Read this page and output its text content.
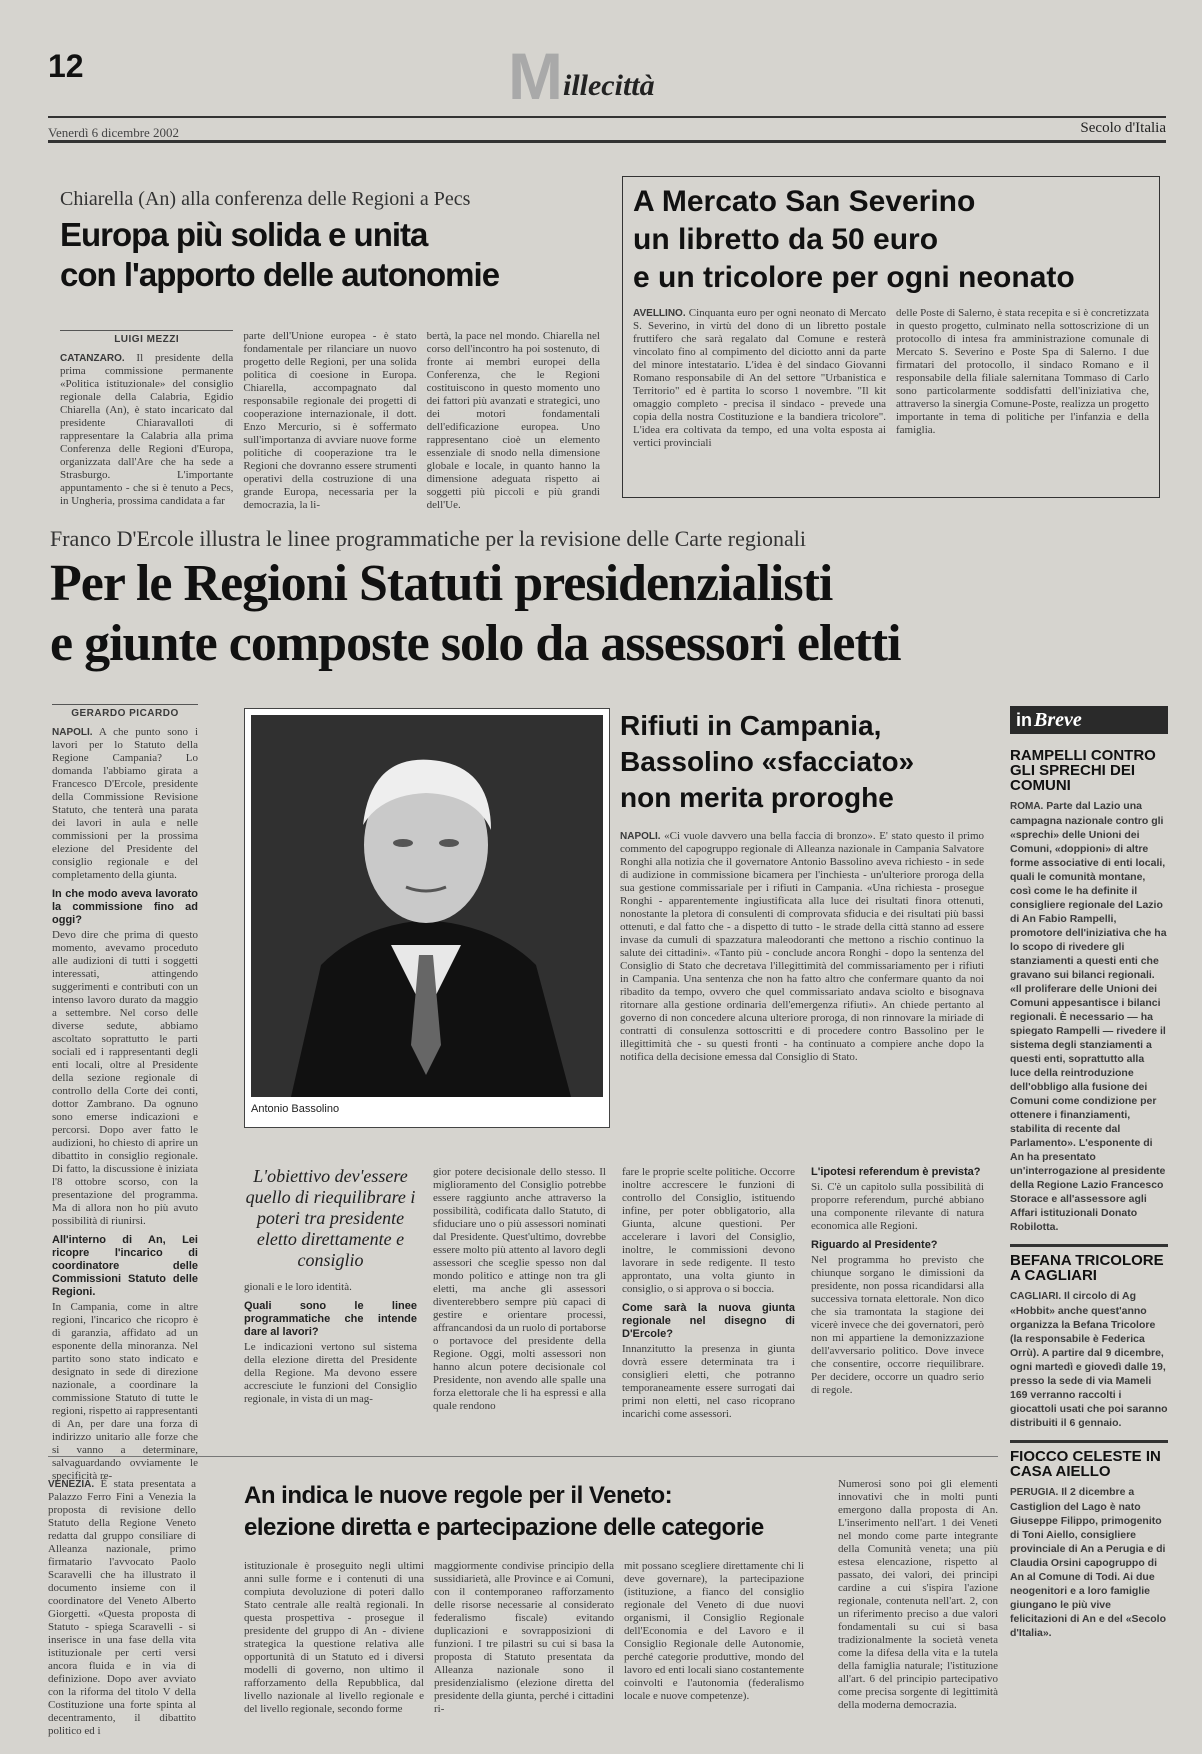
12	Millecittà
Venerdì 6 dicembre 2002	Secolo d'Italia
Chiarella (An) alla conferenza delle Regioni a Pecs
Europa più solida e unita
con l'apporto delle autonomie
LUIGI MEZZI
CATANZARO. Il presidente della prima commissione permanente «Politica istituzionale» del consiglio regionale della Calabria, Egidio Chiarella (An), è stato incaricato dal presidente Chiaravalloti di rappresentare la Calabria alla prima Conferenza delle Regioni d'Europa, organizzata dall'Are che ha sede a Strasburgo. L'importante appuntamento - che si è tenuto a Pecs, in Ungheria, prossima candidata a far
parte dell'Unione europea - è stato fondamentale per rilanciare un nuovo progetto delle Regioni, per una solida politica di coesione in Europa. Chiarella, accompagnato dal responsabile regionale dei progetti di cooperazione internazionale, il dott. Enzo Mercurio, si è soffermato sull'importanza di avviare nuove forme politiche di cooperazione tra le Regioni che dovranno essere strumenti operativi della costruzione di una grande Europa, necessaria per la democrazia, la li-
bertà, la pace nel mondo. Chiarella nel corso dell'incontro ha poi sostenuto, di fronte ai membri europei della Conferenza, che le Regioni costituiscono in questo momento uno dei fattori più avanzati e strategici, uno dei motori fondamentali dell'edificazione europea. Uno rappresentano cioè un elemento essenziale di snodo nella dimensione globale e locale, in quanto hanno la dimensione adeguata rispetto ai soggetti più piccoli e più grandi dell'Ue.
A Mercato San Severino
un libretto da 50 euro
e un tricolore per ogni neonato
AVELLINO. Cinquanta euro per ogni neonato di Mercato S. Severino, in virtù del dono di un libretto postale fruttifero che sarà regalato dal Comune e resterà vincolato fino al compimento del diciotto anni da parte del minore intestatario. L'idea è del sindaco Giovanni Romano responsabile di An del settore "Urbanistica e Territorio" ed è partita lo scorso 1 novembre. "Il kit omaggio completo - precisa il sindaco - prevede una copia della nostra Costituzione e la bandiera tricolore". L'idea era coltivata da tempo, ed una volta esposta ai vertici provinciali
delle Poste di Salerno, è stata recepita e si è concretizzata in questo progetto, culminato nella sottoscrizione di un protocollo di intesa fra amministrazione comunale di Mercato S. Severino e Poste Spa di Salerno. I due firmatari del protocollo, il sindaco Romano e il responsabile della filiale salernitana Tommaso di Carlo sono particolarmente soddisfatti dell'iniziativa che, attraverso la sinergia Comune-Poste, realizza un progetto importante in tema di politiche per l'infanzia e della famiglia.
Franco D'Ercole illustra le linee programmatiche per la revisione delle Carte regionali
Per le Regioni Statuti presidenzialisti
e giunte composte solo da assessori eletti
GERARDO PICARDO
NAPOLI. A che punto sono i lavori per lo Statuto della Regione Campania? Lo domanda l'abbiamo girata a Francesco D'Ercole, presidente della Commissione Revisione Statuto, che tenterà una parata dei lavori in aula e nelle commissioni per la prossima elezione del Presidente del consiglio regionale e del completamento della giunta.
In che modo aveva lavorato la commissione fino ad oggi?
Devo dire che prima di questo momento, avevamo proceduto alle audizioni di tutti i soggetti interessati, attingendo suggerimenti e contributi con un intenso lavoro durato da maggio a settembre. Nel corso delle diverse sedute, abbiamo ascoltato soprattutto le parti sociali ed i rappresentanti degli enti locali, oltre al Presidente della sezione regionale di controllo della Corte dei conti, dottor Zambrano. Da ognuno sono emerse indicazioni e percorsi. Dopo aver fatto le audizioni, ho chiesto di aprire un dibattito in consiglio regionale. Di fatto, la discussione è iniziata l'8 ottobre scorso, con la presentazione del programma. Ma di allora non ho più avuto possibilità di riunirsi.
All'interno di An, Lei ricopre l'incarico di coordinatore delle Commissioni Statuto delle Regioni.
In Campania, come in altre regioni, l'incarico che ricopro è di garanzia, affidato ad un esponente della minoranza. Nel partito sono stato indicato e designato in sede di direzione nazionale, a coordinare la commissione Statuto di tutte le regioni, rispetto ai rappresentanti di An, per dare una forza di indirizzo unitario alle forze che si vanno a determinare, salvaguardando ovviamente le specificità re-
Antonio Bassolino
Rifiuti in Campania,
Bassolino «sfacciato»
non merita proroghe
NAPOLI. «Ci vuole davvero una bella faccia di bronzo». E' stato questo il primo commento del capogruppo regionale di Alleanza nazionale in Campania Salvatore Ronghi alla notizia che il governatore Antonio Bassolino aveva richiesto - in sede di audizione in commissione bicamera per l'inchiesta - un'ulteriore proroga della sua gestione commissariale per i rifiuti in Campania. «Una richiesta - prosegue Ronghi - apparentemente ingiustificata alla luce dei risultati finora ottenuti, nonostante la pletora di consulenti di comprovata sfiducia e dei risultati più bassi ottenuti, e dal fatto che - a dispetto di tutto - le strade della città stanno ad essere invase da cumuli di spazzatura maleodoranti che mettono a rischio continuo la salute dei cittadini». «Tanto più - conclude ancora Ronghi - dopo la sentenza del Consiglio di Stato che decretava l'illegittimità del commissariamento per i rifiuti in Campania. Una sentenza che non ha fatto altro che confermare quanto da noi ribadito da tempo, ovvero che quel commissariato andava sciolto e bisognava ritornare alla gestione ordinaria dell'emergenza rifiuti». An chiede pertanto al governo di non concedere alcuna ulteriore proroga, di non rinnovare la miriade di contratti di consulenza sottoscritti e di procedere contro Bassolino per le illegittimità che - su questi fronti - ha continuato a compiere anche dopo la notifica della decisione emessa dal Consiglio di Stato.
L'obiettivo dev'essere quello di riequilibrare i poteri tra presidente eletto direttamente e consiglio
gionali e le loro identità.
Quali sono le linee programmatiche che intende dare al lavori?
Le indicazioni vertono sul sistema della elezione diretta del Presidente della Regione. Ma devono essere accresciute le funzioni del Consiglio regionale, in vista di un mag-
gior potere decisionale dello stesso. Il miglioramento del Consiglio potrebbe essere raggiunto anche attraverso la possibilità, codificata dallo Statuto, di sfiduciare uno o più assessori nominati dal Presidente. Quest'ultimo, dovrebbe essere molto più attento al lavoro degli assessori che sceglie spesso non dal mondo politico e attinge non tra gli eletti, ma anche gli assessori diventerebbero sempre più capaci di gestire e orientare processi, affrancandosi da un ruolo di portaborse o portavoce del presidente della Regione. Oggi, molti assessori non hanno alcun potere decisionale col Presidente, non avendo alle spalle una forza elettorale che li ha espressi e alla quale rendono
fare le proprie scelte politiche. Occorre inoltre accrescere le funzioni di controllo del Consiglio, istituendo infine, per poter obbligatorio, alla Giunta, alcune questioni. Per accelerare i lavori del Consiglio, inoltre, le commissioni devono lavorare in sede redigente. Il testo approntato, una volta giunto in consiglio, o si approva o si boccia.
Come sarà la nuova giunta regionale nel disegno di D'Ercole?
Innanzitutto la presenza in giunta dovrà essere determinata tra i consiglieri eletti, che potranno temporaneamente essere surrogati dai primi non eletti, nel caso ricoprano incarichi come assessori.
L'ipotesi referendum è prevista?
Sì. C'è un capitolo sulla possibilità di proporre referendum, purché abbiano una componente rilevante di natura economica alle Regioni.
Riguardo al Presidente?
Nel programma ho previsto che chiunque sorgano le dimissioni da presidente, non possa ricandidarsi alla successiva tornata elettorale. Non dico che sia tramontata la stagione dei vicerè invece che dei governatori, però non mi appartiene la demonizzazione dell'avversario politico. Dove invece che consentire, occorre riequilibrare. Per decidere, occorre un quadro serio di regole.
in Breve
RAMPELLI CONTRO GLI SPRECHI DEI COMUNI
ROMA. Parte dal Lazio una campagna nazionale contro gli «sprechi» delle Unioni dei Comuni, «doppioni» di altre forme associative di enti locali, quali le comunità montane, così come le ha definite il consigliere regionale del Lazio di An Fabio Rampelli, promotore dell'iniziativa che ha lo scopo di rivedere gli stanziamenti a questi enti che gravano sui bilanci regionali. «Il proliferare delle Unioni dei Comuni appesantisce i bilanci regionali. È necessario — ha spiegato Rampelli — rivedere il sistema degli stanziamenti a questi enti, soprattutto alla luce della reintroduzione dell'obbligo alla fusione dei Comuni come condizione per ottenere i finanziamenti, stabilita di recente dal Parlamento». L'esponente di An ha presentato un'interrogazione al presidente della Regione Lazio Francesco Storace e all'assessore agli Affari istituzionali Donato Robilotta.
BEFANA TRICOLORE A CAGLIARI
CAGLIARI. Il circolo di Ag «Hobbit» anche quest'anno organizza la Befana Tricolore (la responsabile è Federica Orrù). A partire dal 9 dicembre, ogni martedì e giovedì dalle 19, presso la sede di via Mameli 169 verranno raccolti i giocattoli usati che poi saranno distribuiti il 6 gennaio.
FIOCCO CELESTE IN CASA AIELLO
PERUGIA. Il 2 dicembre a Castiglion del Lago è nato Giuseppe Filippo, primogenito di Toni Aiello, consigliere provinciale di An a Perugia e di Claudia Orsini capogruppo di An al Comune di Todi. Ai due neogenitori e a loro famiglie giungano le più vive felicitazioni di An e del «Secolo d'Italia».
VENEZIA. È stata presentata a Palazzo Ferro Fini a Venezia la proposta di revisione dello Statuto della Regione Veneto redatta dal gruppo consiliare di Alleanza nazionale, primo firmatario l'avvocato Paolo Scaravelli che ha illustrato il documento insieme con il coordinatore del Veneto Alberto Giorgetti. «Questa proposta di Statuto - spiega Scaravelli - si inserisce in una fase della vita istituzionale per certi versi ancora fluida e in via di definizione. Dopo aver avviato con la riforma del titolo V della Costituzione una forte spinta al decentramento, il dibattito politico ed i
An indica le nuove regole per il Veneto:
elezione diretta e partecipazione delle categorie
istituzionale è proseguito negli ultimi anni sulle forme e i contenuti di una compiuta devoluzione di poteri dallo Stato centrale alle realtà regionali. In questa prospettiva - prosegue il presidente del gruppo di An - diviene strategica la questione relativa alle opportunità di un Statuto ed i diversi modelli di governo, non ultimo il rafforzamento della Repubblica, dal livello nazionale al livello regionale e del livello regionale, secondo forme
maggiormente condivise principio della sussidiarietà, alle Province e ai Comuni, con il contemporaneo rafforzamento delle risorse necessarie al considerato federalismo fiscale) evitando duplicazioni e sovrapposizioni di funzioni. I tre pilastri su cui si basa la proposta di Statuto presentata da Alleanza nazionale sono il presidenzialismo (elezione diretta del presidente della giunta, perché i cittadini ri-
mit possano scegliere direttamente chi li deve governare), la partecipazione (istituzione, a fianco del consiglio regionale del Veneto di due nuovi organismi, il Consiglio Regionale dell'Economia e del Lavoro e il Consiglio Regionale delle Autonomie, perché categorie produttive, mondo del lavoro ed enti locali siano costantemente coinvolti e l'autonomia (federalismo locale e nuove competenze).
Numerosi sono poi gli elementi innovativi che in molti punti emergono dalla proposta di An. L'inserimento nell'art. 1 dei Veneti nel mondo come parte integrante della Comunità veneta; una più estesa elencazione, rispetto al passato, dei valori, dei principi cardine a cui s'ispira l'azione regionale, contenuta nell'art. 2, con un riferimento preciso a due valori fondamentali su cui si basa tradizionalmente la società veneta come la difesa della vita e la tutela della famiglia naturale; l'istituzione all'art. 6 del principio partecipativo come precisa sorgente di legittimità della moderna democrazia.
